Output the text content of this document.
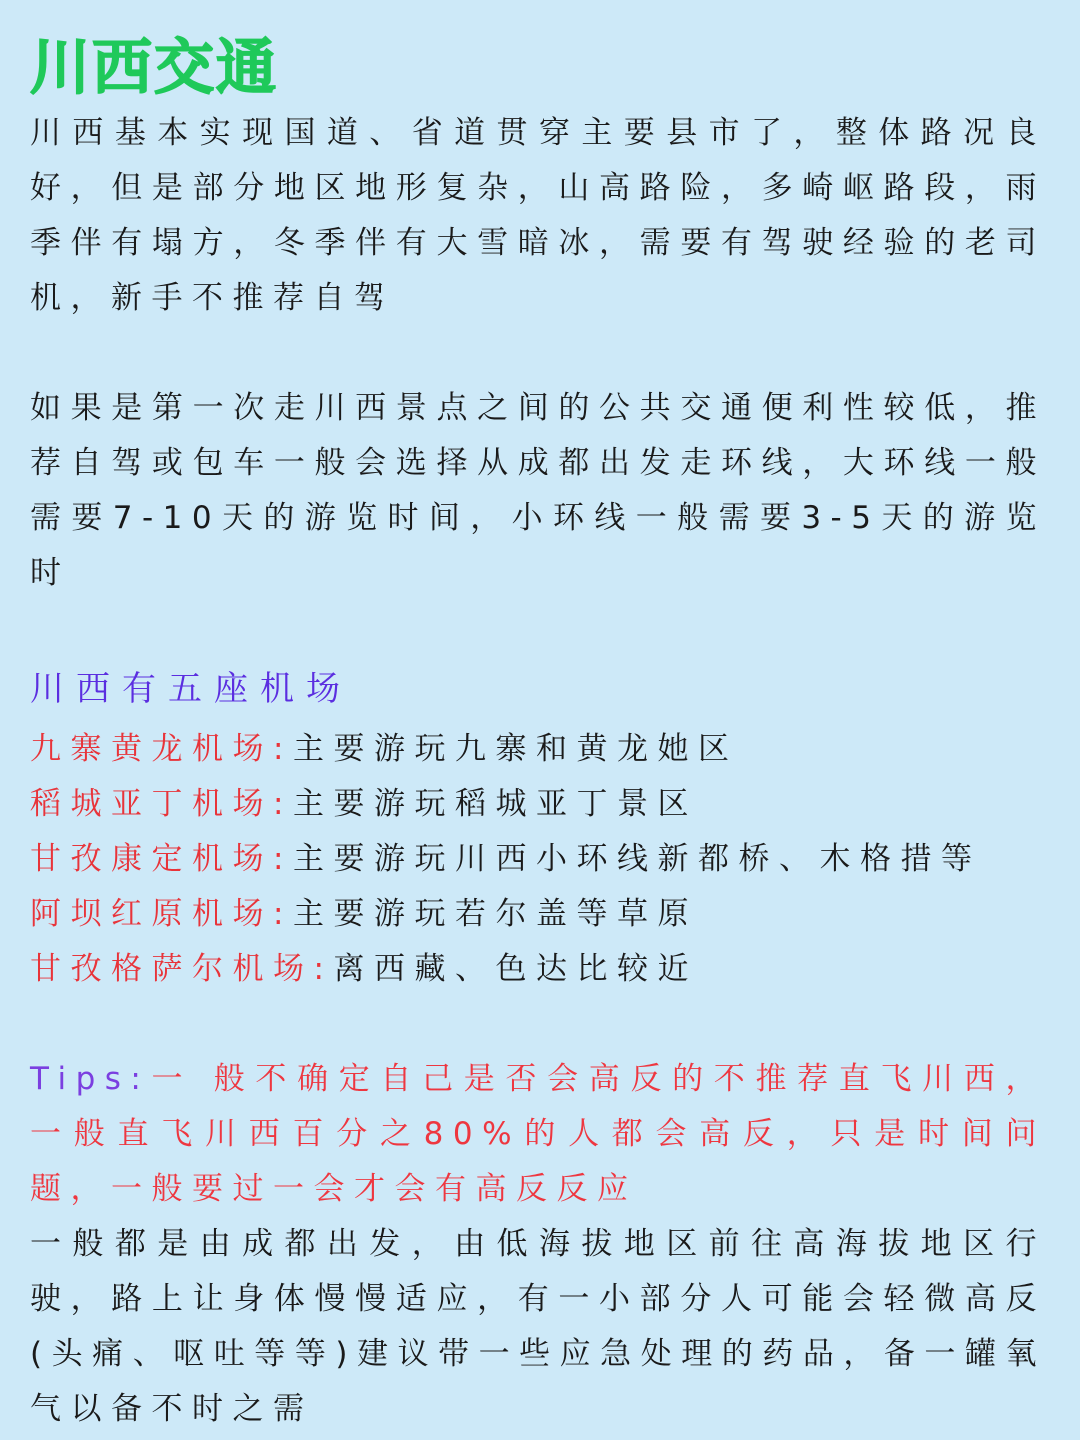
川西交通
川西基本实现国道、省道贯穿主要县市了，整体路况良好，但是部分地区地形复杂，山高路险，多崎岖路段，雨季伴有塌方，冬季伴有大雪暗冰，需要有驾驶经验的老司机，新手不推荐自驾
如果是第一次走川西景点之间的公共交通便利性较低，推荐自驾或包车一般会选择从成都出发走环线，大环线一般需要7-10天的游览时间，小环线一般需要3-5天的游览时
川西有五座机场
九寨黄龙机场:主要游玩九寨和黄龙她区
稻城亚丁机场:主要游玩稻城亚丁景区
甘孜康定机场:主要游玩川西小环线新都桥、木格措等
阿坝红原机场:主要游玩若尔盖等草原
甘孜格萨尔机场:离西藏、色达比较近
Tips:一 般不确定自己是否会高反的不推荐直飞川西，一般直飞川西百分之80%的人都会高反，只是时间问题，一般要过一会才会有高反反应
一般都是由成都出发，由低海拔地区前往高海拔地区行驶，路上让身体慢慢适应，有一小部分人可能会轻微高反(头痛、呕吐等等)建议带一些应急处理的药品，备一罐氧气以备不时之需
